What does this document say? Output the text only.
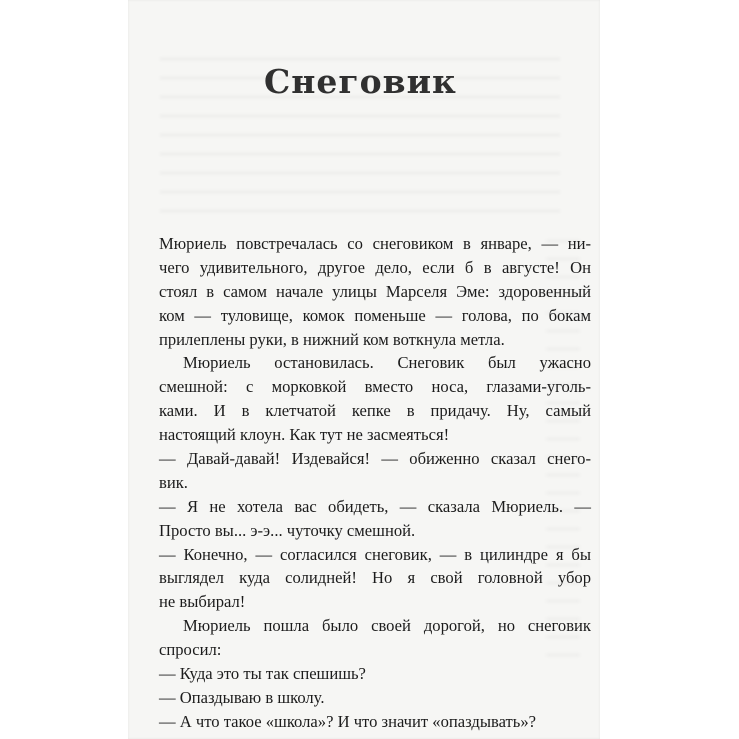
Снеговик
Мюриель повстречалась со снеговиком в январе, — ни-
чего удивительного, другое дело, если б в августе! Он
стоял в самом начале улицы Марселя Эме: здоровенный
ком — туловище, комок поменьше — голова, по бокам
прилеплены руки, в нижний ком воткнула метла.
Мюриель остановилась. Снеговик был ужасно
смешной: с морковкой вместо носа, глазами-уголь-
ками. И в клетчатой кепке в придачу. Ну, самый
настоящий клоун. Как тут не засмеяться!
— Давай-давай! Издевайся! — обиженно сказал снего-
вик.
— Я не хотела вас обидеть, — сказала Мюриель. —
Просто вы... э-э... чуточку смешной.
— Конечно, — согласился снеговик, — в цилиндре я бы
выглядел куда солидней! Но я свой головной убор
не выбирал!
Мюриель пошла было своей дорогой, но снеговик
спросил:
— Куда это ты так спешишь?
— Опаздываю в школу.
— А что такое «школа»? И что значит «опаздывать»?
